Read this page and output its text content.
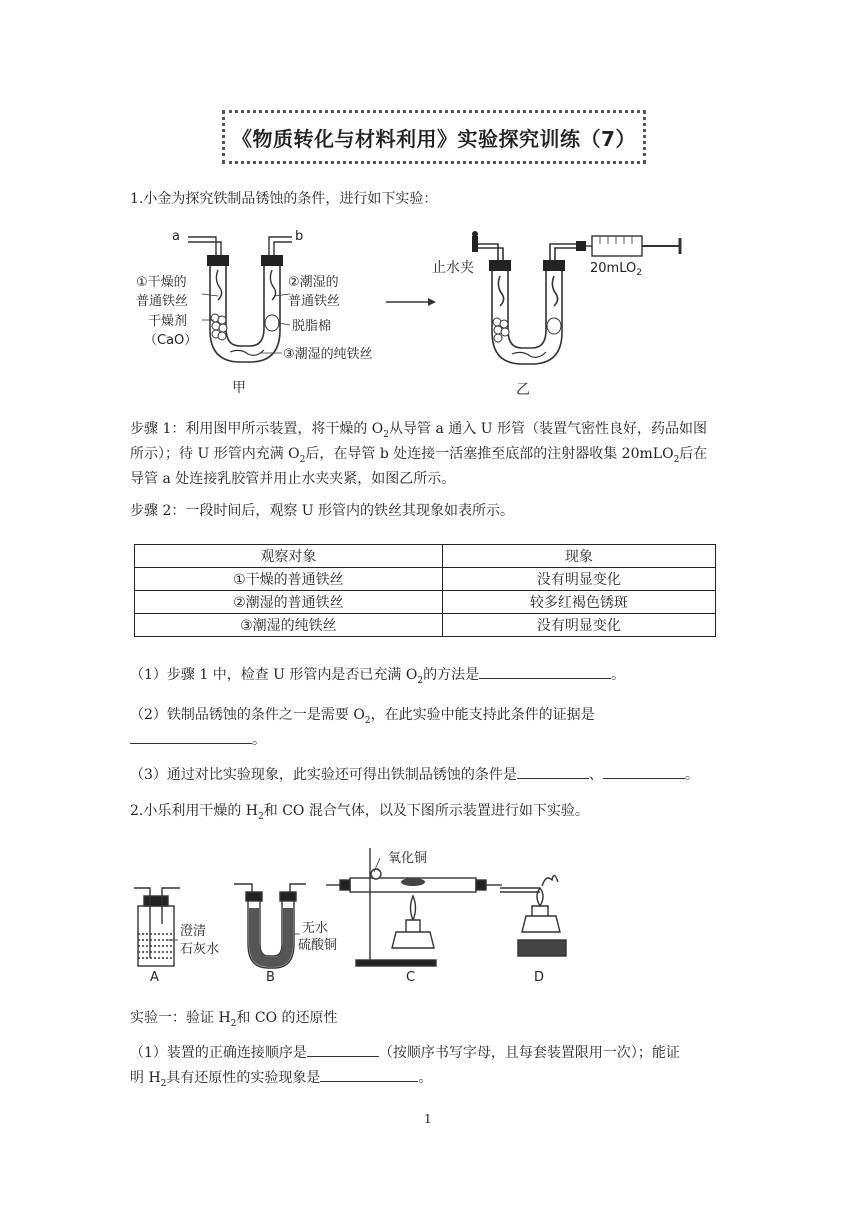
《物质转化与材料利用》实验探究训练（7）
1.小金为探究铁制品锈蚀的条件，进行如下实验：
a	b
①干燥的
普通铁丝
干燥剂
（CaO）
②潮湿的
普通铁丝
脱脂棉
③潮湿的纯铁丝
甲
止水夹	20mLO$_2$
乙
步骤 1：利用图甲所示装置，将干燥的 $O_2$从导管 a 通入 U 形管（装置气密性良好，药品如图
所示）；待 U 形管内充满 $O_2$后，在导管 b 处连接一活塞推至底部的注射器收集 20mLO$_2$后在
导管 a 处连接乳胶管并用止水夹夹紧，如图乙所示。
步骤 2：一段时间后，观察 U 形管内的铁丝其现象如表所示。
观察对象	现象
①干燥的普通铁丝	没有明显变化
②潮湿的普通铁丝	较多红褐色锈斑
③潮湿的纯铁丝	没有明显变化
（1）步骤 1 中，检查 U 形管内是否已充满 $O_2$的方法是	。
（2）铁制品锈蚀的条件之一是需要 $O_2$，在此实验中能支持此条件的证据是
。
（3）通过对比实验现象，此实验还可得出铁制品锈蚀的条件是	、	。
2.小乐利用干燥的 $H_2$和 CO 混合气体，以及下图所示装置进行如下实验。
澄清
石灰水
A
无水
硫酸铜
B
氧化铜
C	D
实验一：验证 $H_2$和 CO 的还原性
（1）装置的正确连接顺序是	（按顺序书写字母，且每套装置限用一次）；能证
明 $H_2$具有还原性的实验现象是	。
1
